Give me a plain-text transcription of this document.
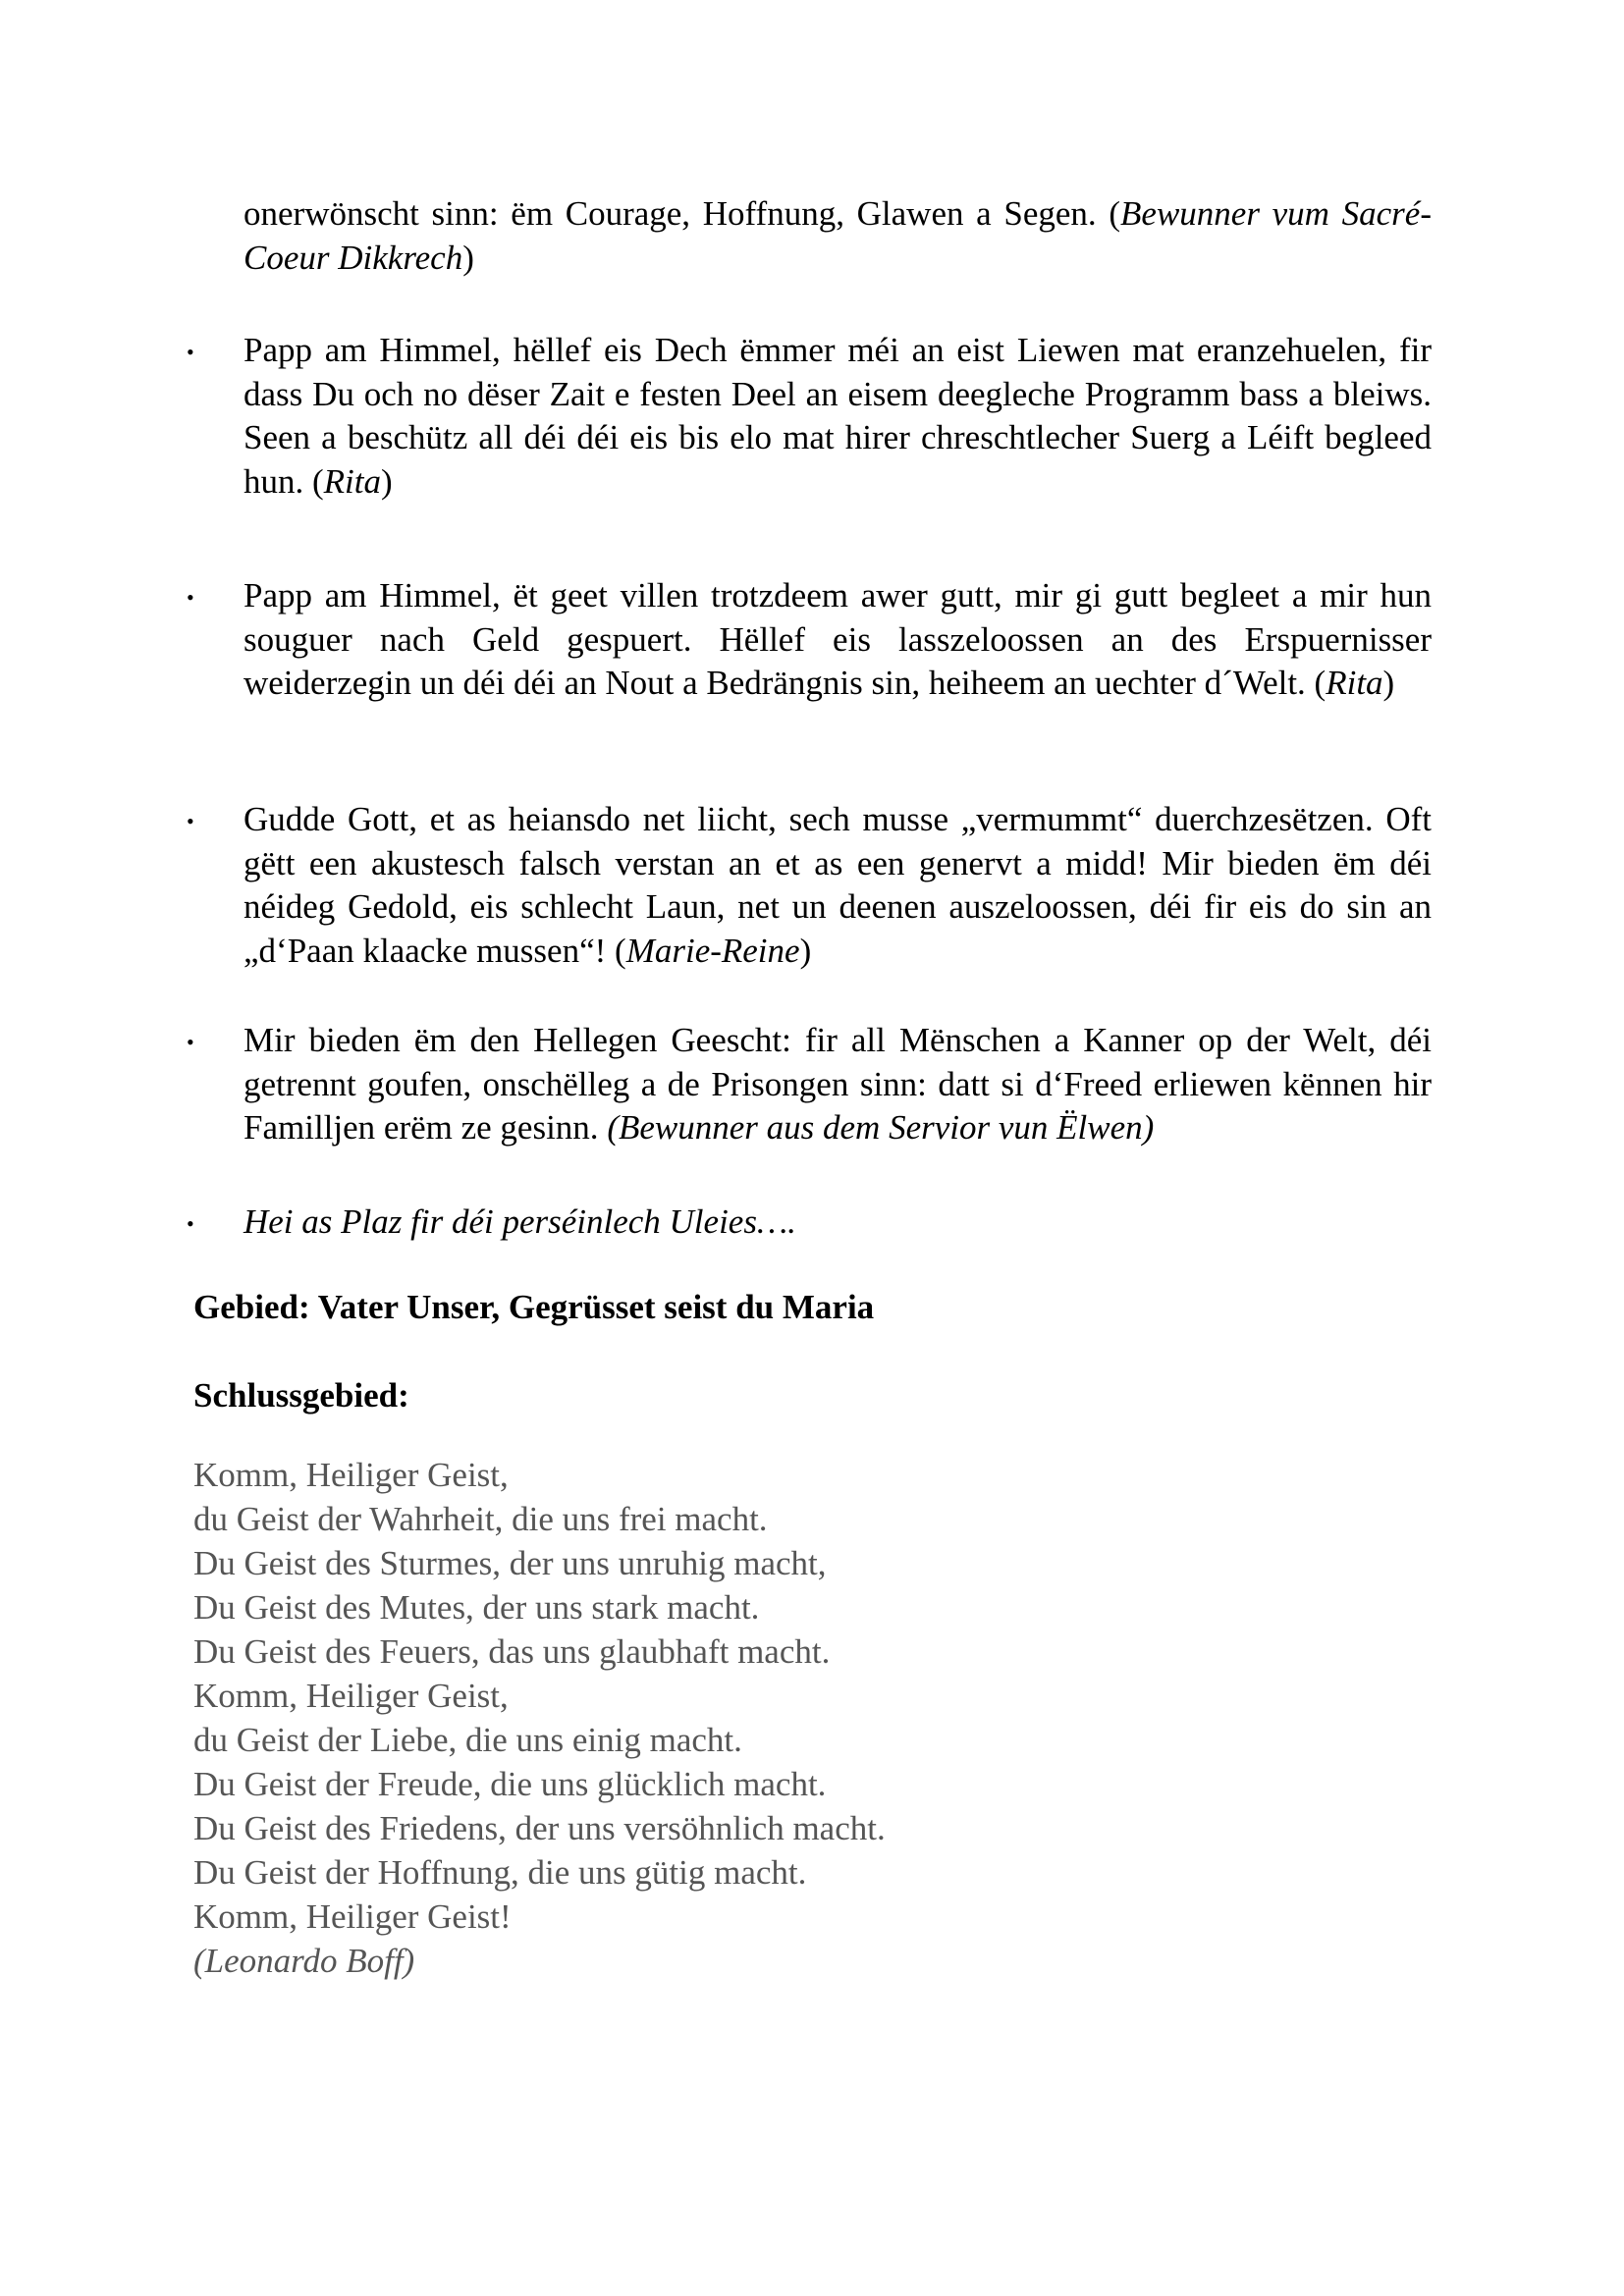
onerwönscht sinn: ëm Courage, Hoffnung, Glawen a Segen. (Bewunner vum Sacré-Coeur Dikkrech)
• Papp am Himmel, hëllef eis Dech ëmmer méi an eist Liewen mat eranzehuelen, fir dass Du och no dëser Zait e festen Deel an eisem deegleche Programm bass a bleiws. Seen a beschütz all déi déi eis bis elo mat hirer chreschtlecher Suerg a Léift begleed hun. (Rita)
• Papp am Himmel, ët geet villen trotzdeem awer gutt, mir gi gutt begleet a mir hun souguer nach Geld gespuert. Hëllef eis lasszeloossen an des Erspuernisser weiderzegin un déi déi an Nout a Bedrängnis sin, heiheem an uechter d´Welt. (Rita)
• Gudde Gott, et as heiansdo net liicht, sech musse „vermummt“ duerchzesëtzen. Oft gëtt een akustesch falsch verstan an et as een genervt a midd! Mir bieden ëm déi néideg Gedold, eis schlecht Laun, net un deenen auszeloossen, déi fir eis do sin an „d‘Paan klaacke mussen“! (Marie-Reine)
• Mir bieden ëm den Hellegen Geescht: fir all Mënschen a Kanner op der Welt, déi getrennt goufen, onschëlleg a de Prisongen sinn: datt si d‘Freed erliewen kënnen hir Familljen erëm ze gesinn. (Bewunner aus dem Servior vun Ëlwen)
• Hei as Plaz fir déi perséinlech Uleies….
Gebied: Vater Unser, Gegrüsset seist du Maria
Schlussgebied:
Komm, Heiliger Geist,
du Geist der Wahrheit, die uns frei macht.
Du Geist des Sturmes, der uns unruhig macht,
Du Geist des Mutes, der uns stark macht.
Du Geist des Feuers, das uns glaubhaft macht.
Komm, Heiliger Geist,
du Geist der Liebe, die uns einig macht.
Du Geist der Freude, die uns glücklich macht.
Du Geist des Friedens, der uns versöhnlich macht.
Du Geist der Hoffnung, die uns gütig macht.
Komm, Heiliger Geist!
(Leonardo Boff)
